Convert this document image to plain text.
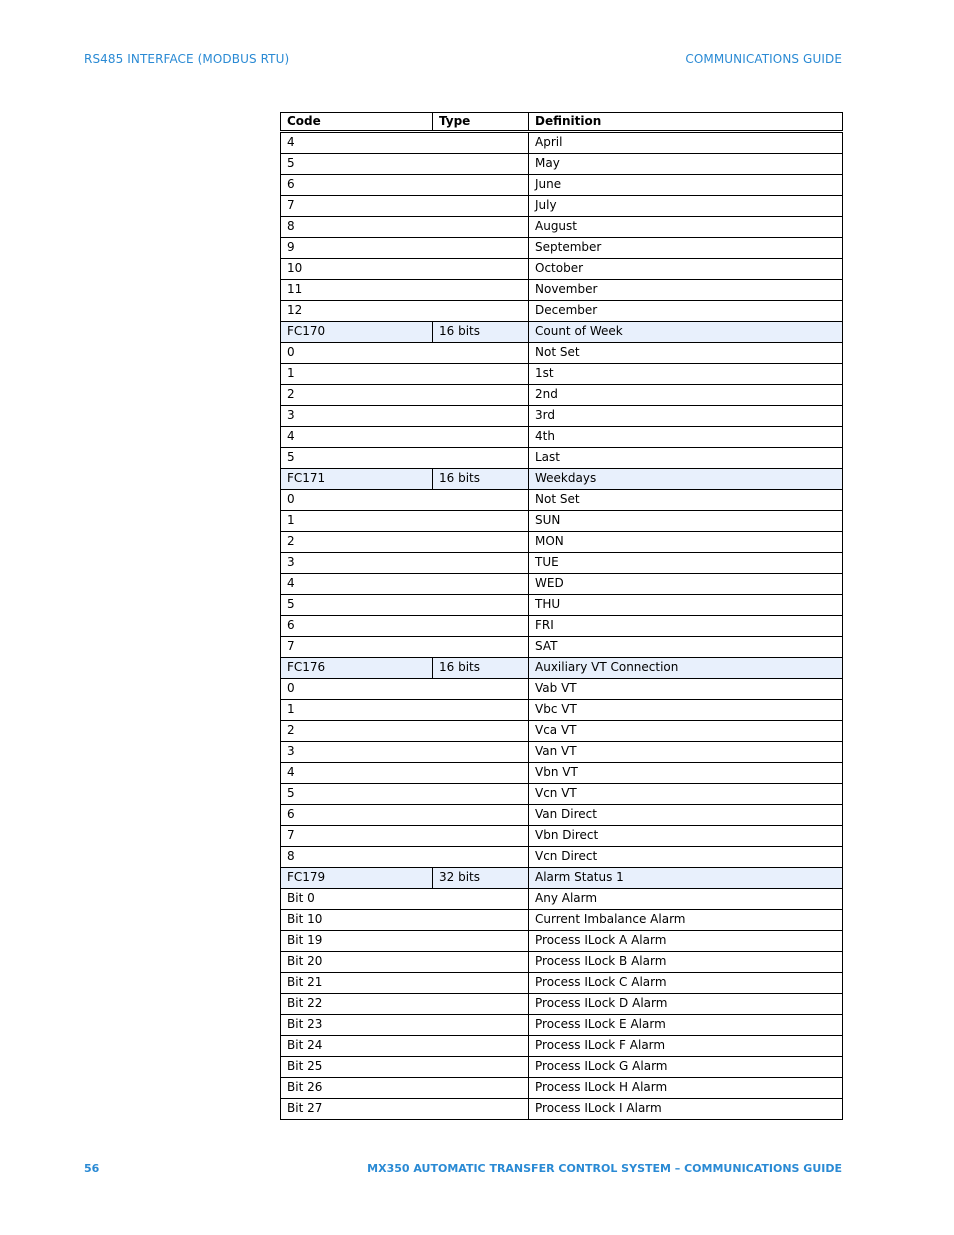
RS485 INTERFACE (MODBUS RTU)	COMMUNICATIONS GUIDE
Code	Type	Definition
4		April
5		May
6		June
7		July
8		August
9		September
10		October
11		November
12		December
FC170	16 bits	Count of Week
0		Not Set
1		1st
2		2nd
3		3rd
4		4th
5		Last
FC171	16 bits	Weekdays
0		Not Set
1		SUN
2		MON
3		TUE
4		WED
5		THU
6		FRI
7		SAT
FC176	16 bits	Auxiliary VT Connection
0		Vab VT
1		Vbc VT
2		Vca VT
3		Van VT
4		Vbn VT
5		Vcn VT
6		Van Direct
7		Vbn Direct
8		Vcn Direct
FC179	32 bits	Alarm Status 1
Bit 0		Any Alarm
Bit 10		Current Imbalance Alarm
Bit 19		Process ILock A Alarm
Bit 20		Process ILock B Alarm
Bit 21		Process ILock C Alarm
Bit 22		Process ILock D Alarm
Bit 23		Process ILock E Alarm
Bit 24		Process ILock F Alarm
Bit 25		Process ILock G Alarm
Bit 26		Process ILock H Alarm
Bit 27		Process ILock I Alarm
56	MX350 AUTOMATIC TRANSFER CONTROL SYSTEM – COMMUNICATIONS GUIDE
